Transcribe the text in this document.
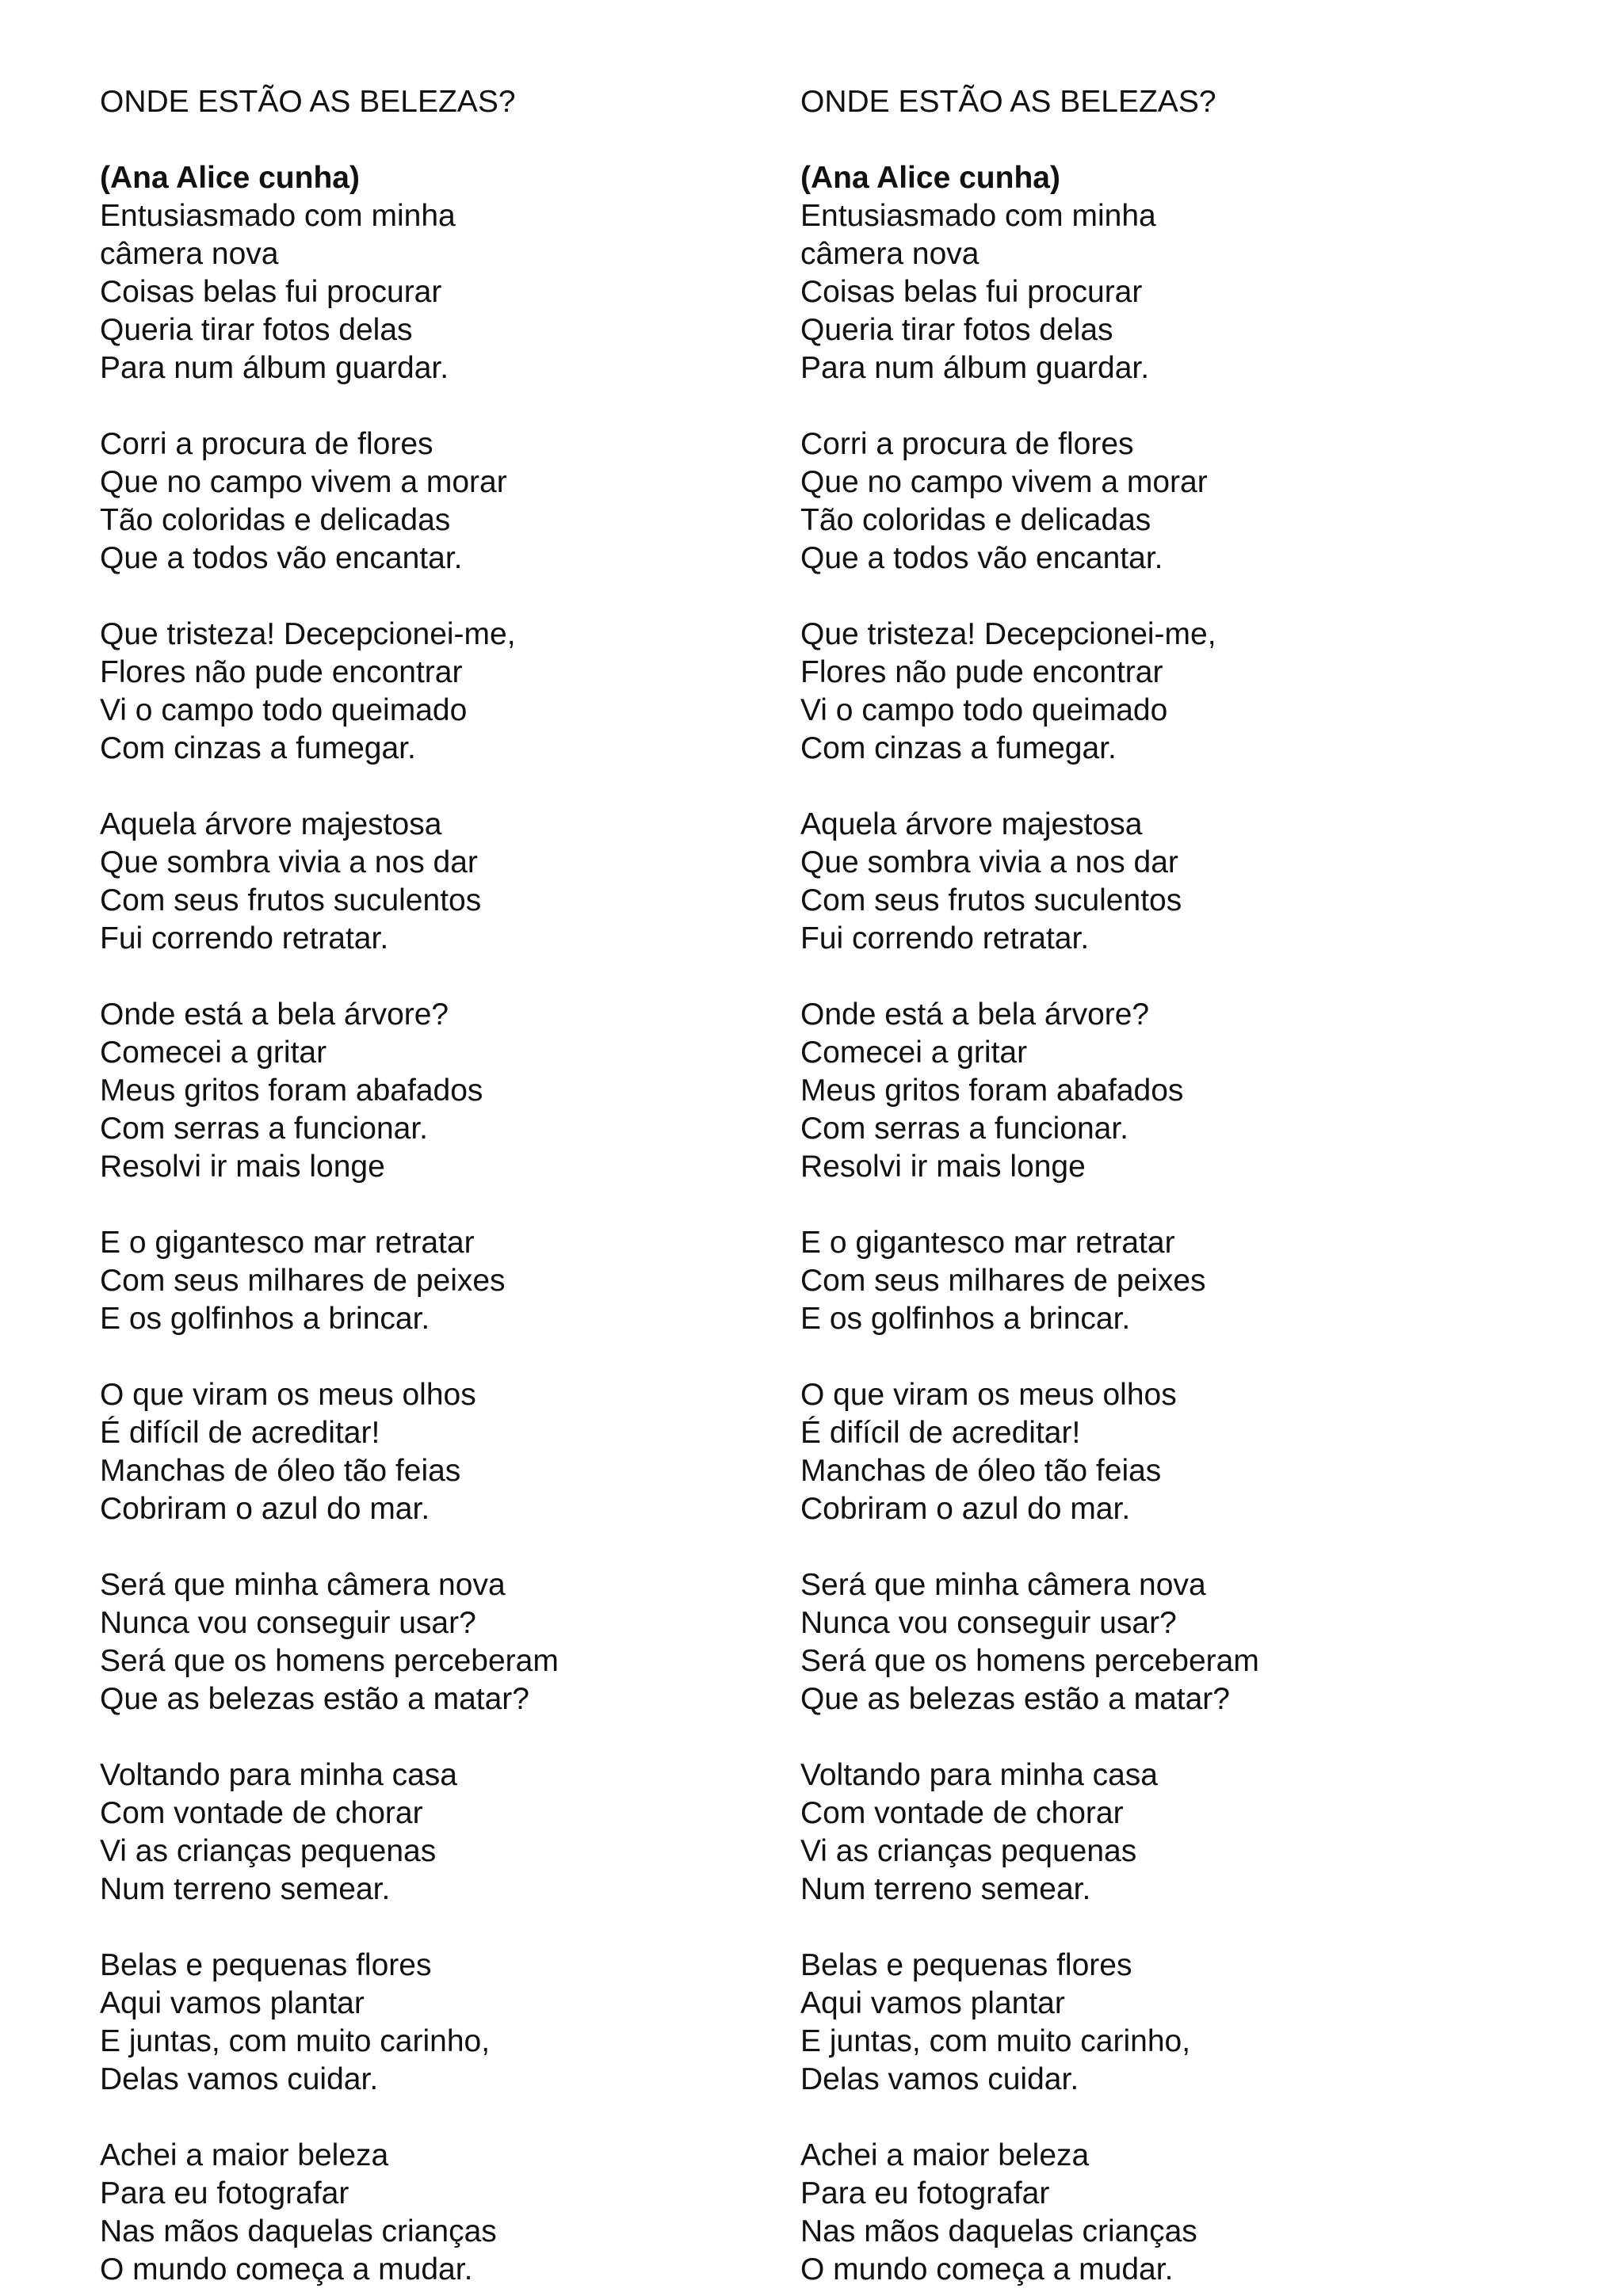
ONDE ESTÃO AS BELEZAS?
(Ana Alice cunha)
Entusiasmado com minha
câmera nova
Coisas belas fui procurar
Queria tirar fotos delas
Para num álbum guardar.
Corri a procura de flores
Que no campo vivem a morar
Tão coloridas e delicadas
Que a todos vão encantar.
Que tristeza! Decepcionei-me,
Flores não pude encontrar
Vi o campo todo queimado
Com cinzas a fumegar.
Aquela árvore majestosa
Que sombra vivia a nos dar
Com seus frutos suculentos
Fui correndo retratar.
Onde está a bela árvore?
Comecei a gritar
Meus gritos foram abafados
Com serras a funcionar.
Resolvi ir mais longe
E o gigantesco mar retratar
Com seus milhares de peixes
E os golfinhos a brincar.
O que viram os meus olhos
É difícil de acreditar!
Manchas de óleo tão feias
Cobriram o azul do mar.
Será que minha câmera nova
Nunca vou conseguir usar?
Será que os homens perceberam
Que as belezas estão a matar?
Voltando para minha casa
Com vontade de chorar
Vi as crianças pequenas
Num terreno semear.
Belas e pequenas flores
Aqui vamos plantar
E juntas, com muito carinho,
Delas vamos cuidar.
Achei a maior beleza
Para eu fotografar
Nas mãos daquelas crianças
O mundo começa a mudar.
ONDE ESTÃO AS BELEZAS?
(Ana Alice cunha)
Entusiasmado com minha
câmera nova
Coisas belas fui procurar
Queria tirar fotos delas
Para num álbum guardar.
Corri a procura de flores
Que no campo vivem a morar
Tão coloridas e delicadas
Que a todos vão encantar.
Que tristeza! Decepcionei-me,
Flores não pude encontrar
Vi o campo todo queimado
Com cinzas a fumegar.
Aquela árvore majestosa
Que sombra vivia a nos dar
Com seus frutos suculentos
Fui correndo retratar.
Onde está a bela árvore?
Comecei a gritar
Meus gritos foram abafados
Com serras a funcionar.
Resolvi ir mais longe
E o gigantesco mar retratar
Com seus milhares de peixes
E os golfinhos a brincar.
O que viram os meus olhos
É difícil de acreditar!
Manchas de óleo tão feias
Cobriram o azul do mar.
Será que minha câmera nova
Nunca vou conseguir usar?
Será que os homens perceberam
Que as belezas estão a matar?
Voltando para minha casa
Com vontade de chorar
Vi as crianças pequenas
Num terreno semear.
Belas e pequenas flores
Aqui vamos plantar
E juntas, com muito carinho,
Delas vamos cuidar.
Achei a maior beleza
Para eu fotografar
Nas mãos daquelas crianças
O mundo começa a mudar.
